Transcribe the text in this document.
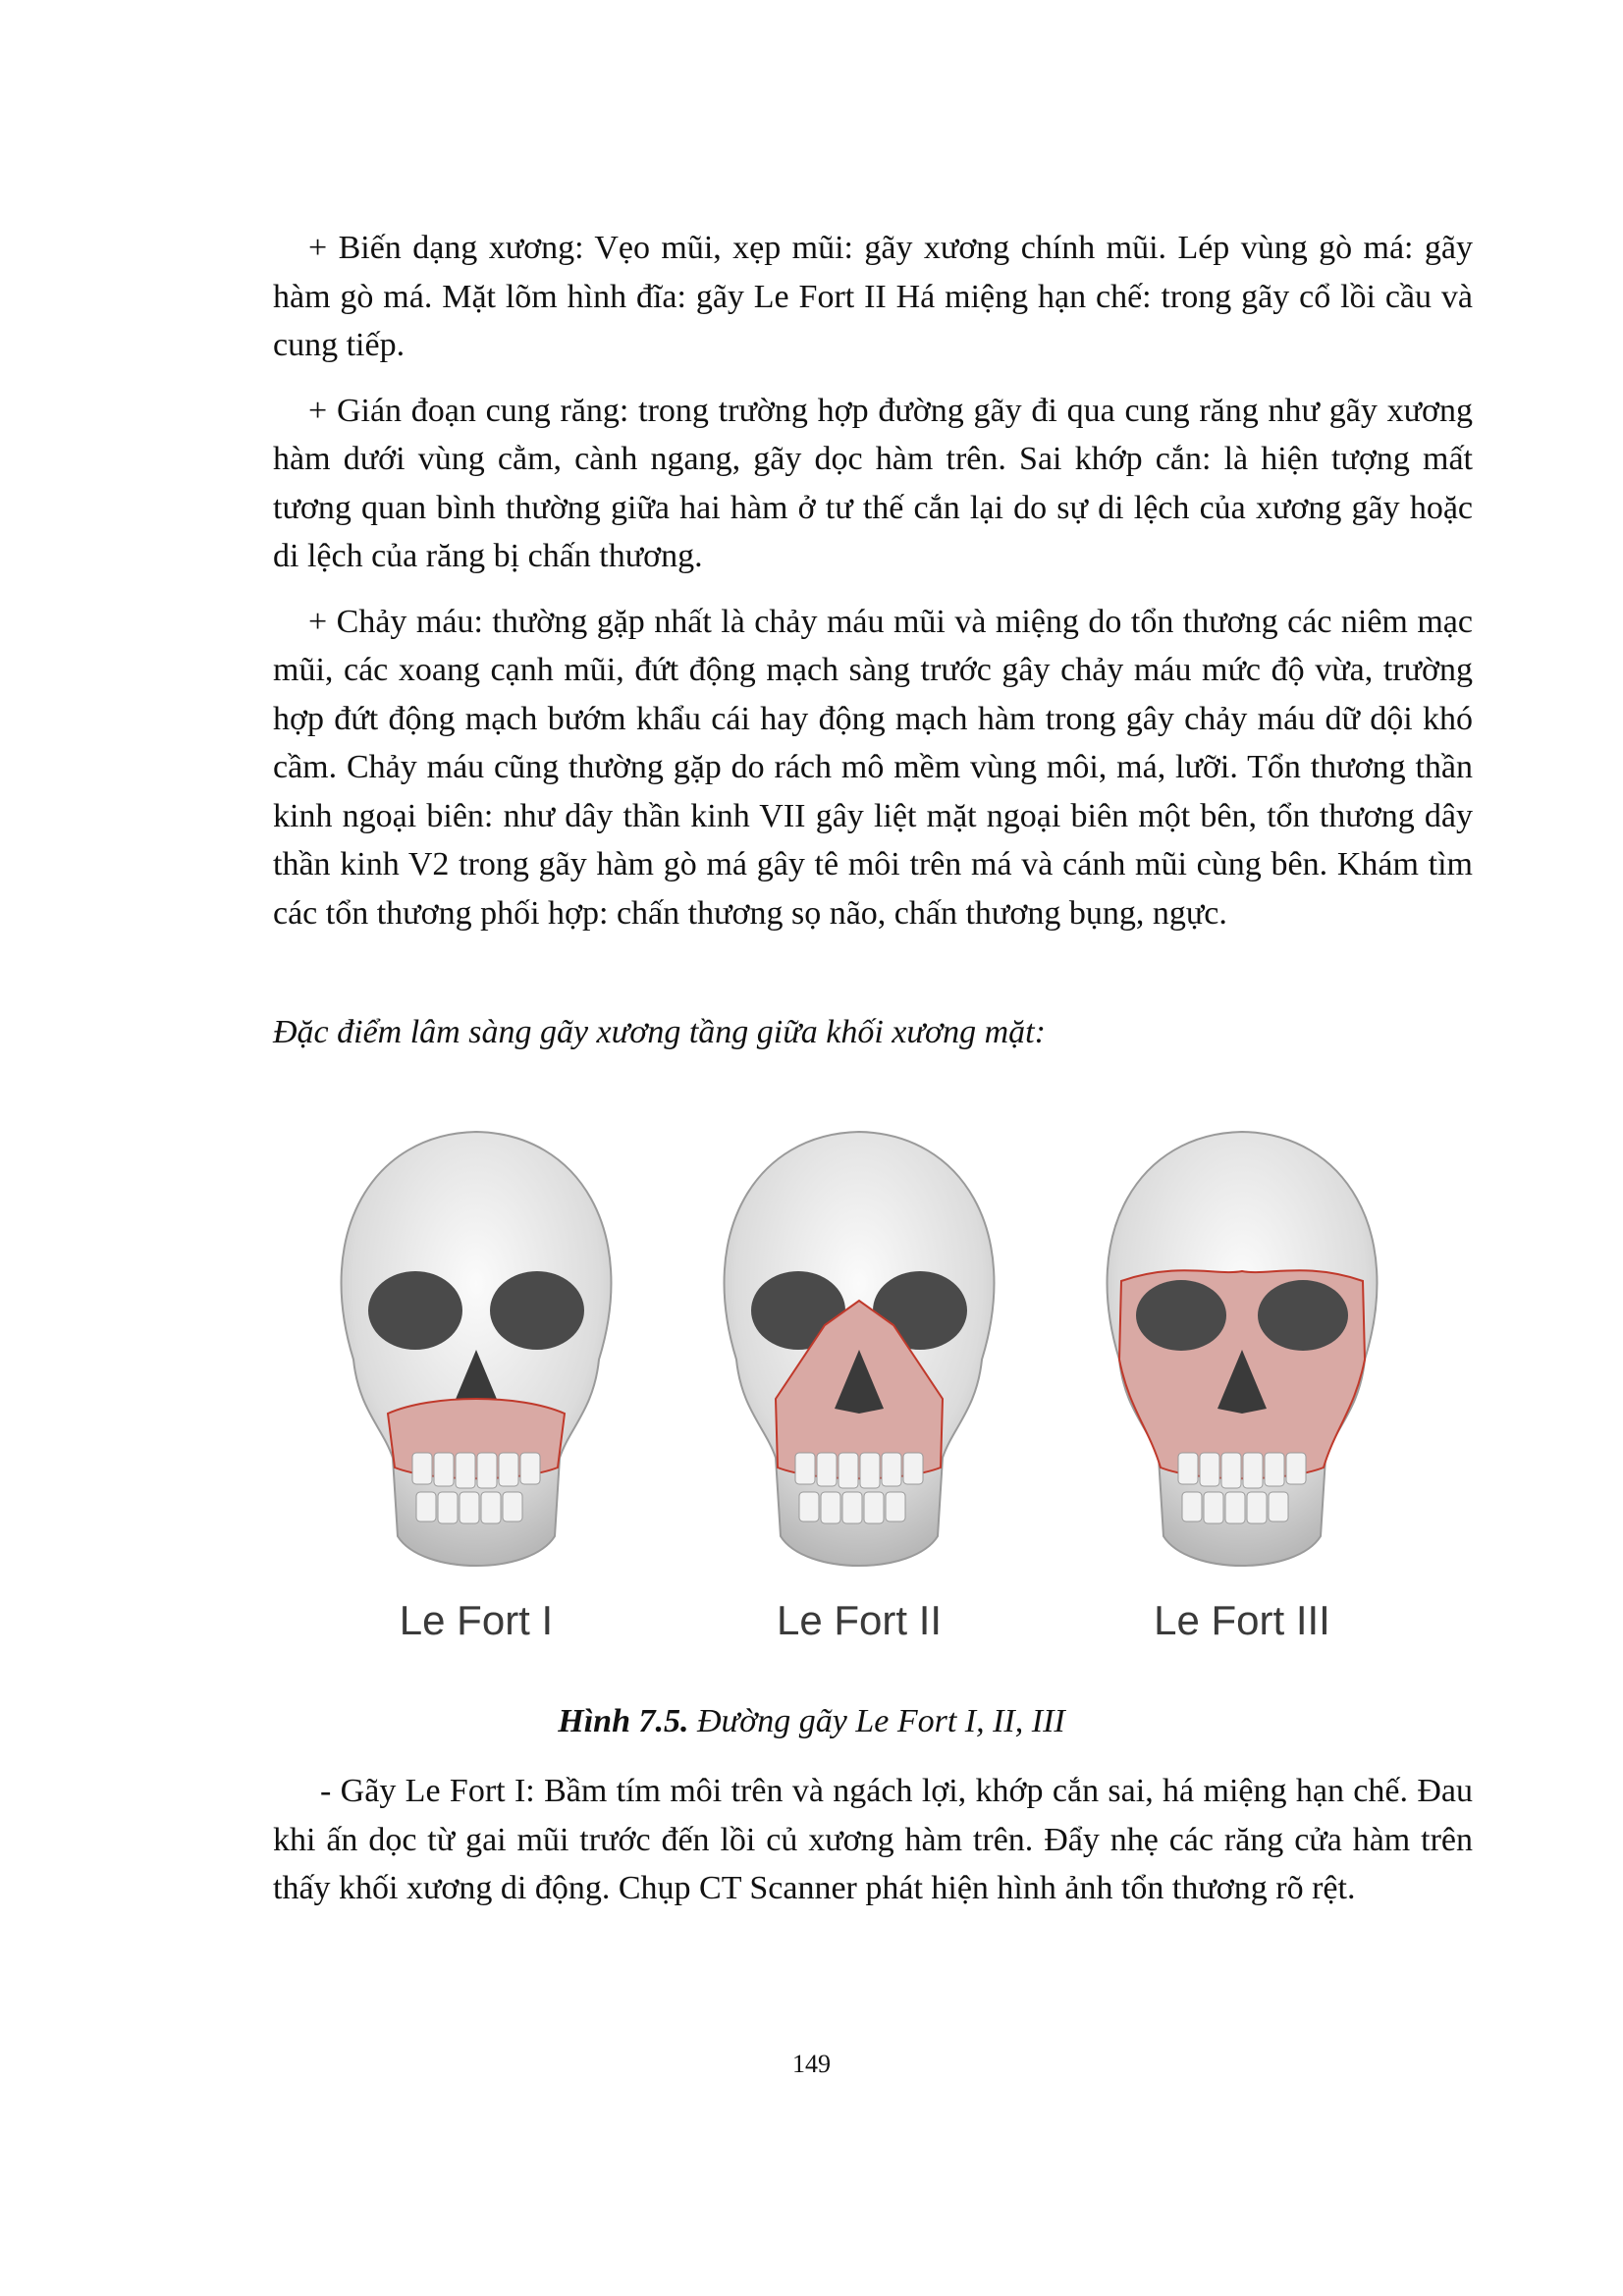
+ Biến dạng xương: Vẹo mũi, xẹp mũi: gãy xương chính mũi. Lép vùng gò má: gãy hàm gò má. Mặt lõm hình đĩa: gãy Le Fort II Há miệng hạn chế: trong gãy cổ lồi cầu và cung tiếp.

+ Gián đoạn cung răng: trong trường hợp đường gãy đi qua cung răng như gãy xương hàm dưới vùng cằm, cành ngang, gãy dọc hàm trên. Sai khớp cắn: là hiện tượng mất tương quan bình thường giữa hai hàm ở tư thế cắn lại do sự di lệch của xương gãy hoặc di lệch của răng bị chấn thương.

+ Chảy máu: thường gặp nhất là chảy máu mũi và miệng do tổn thương các niêm mạc mũi, các xoang cạnh mũi, đứt động mạch sàng trước gây chảy máu mức độ vừa, trường hợp đứt động mạch bướm khẩu cái hay động mạch hàm trong gây chảy máu dữ dội khó cầm. Chảy máu cũng thường gặp do rách mô mềm vùng môi, má, lưỡi. Tổn thương thần kinh ngoại biên: như dây thần kinh VII gây liệt mặt ngoại biên một bên, tổn thương dây thần kinh V2 trong gãy hàm gò má gây tê môi trên má và cánh mũi cùng bên. Khám tìm các tổn thương phối hợp: chấn thương sọ não, chấn thương bụng, ngực.

Đặc điểm lâm sàng gãy xương tầng giữa khối xương mặt:

Le Fort I	Le Fort II	Le Fort III

Hình 7.5. Đường gãy Le Fort I, II, III

- Gãy Le Fort I: Bầm tím môi trên và ngách lợi, khớp cắn sai, há miệng hạn chế. Đau khi ấn dọc từ gai mũi trước đến lồi củ xương hàm trên. Đẩy nhẹ các răng cửa hàm trên thấy khối xương di động. Chụp CT Scanner phát hiện hình ảnh tổn thương rõ rệt.

149
